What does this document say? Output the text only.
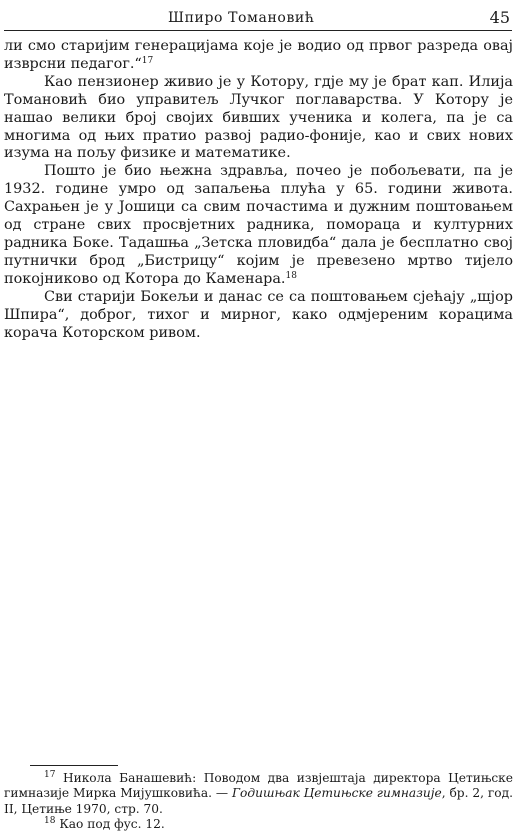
Шпиро Томановић	45

ли смо старијим генерацијама које је водио од првог разреда овај изврсни педагог.“$^{17}$

Као пензионер живио је у Котору, гдје му је брат кап. Илија Томановић био управитељ Лучког поглаварства. У Котору је нашао велики број својих бивших ученика и колега, па је са многима од њих пратио развој радио-фоније, као и свих нових изума на пољу физике и математике.

Пошто је био њежна здравља, почео је побољевати, па је 1932. године умро од запаљења плућа у 65. години живота. Сахрањен је у Јошици са свим почастима и дужним поштовањем од стране свих просвјетних радника, помораца и културних радника Боке. Тадашња „Зетска пловидба“ дала је бесплатно свој путнички брод „Бистрицу“ којим је превезено мртво тијело покојниково од Котора до Каменара.$^{18}$

Сви старији Бокељи и данас се са поштовањем сјећају „шјор Шпира“, доброг, тихог и мирног, како одмјереним корацима корача Которском ривом.

$^{17}$ Никола Банашевић: Поводом два извјештаја директора Цетињске гимназије Мирка Мијушковића. — Годишњак Цетињске гимназије, бр. 2, год. II, Цетиње 1970, стр. 70.

$^{18}$ Као под фус. 12.
